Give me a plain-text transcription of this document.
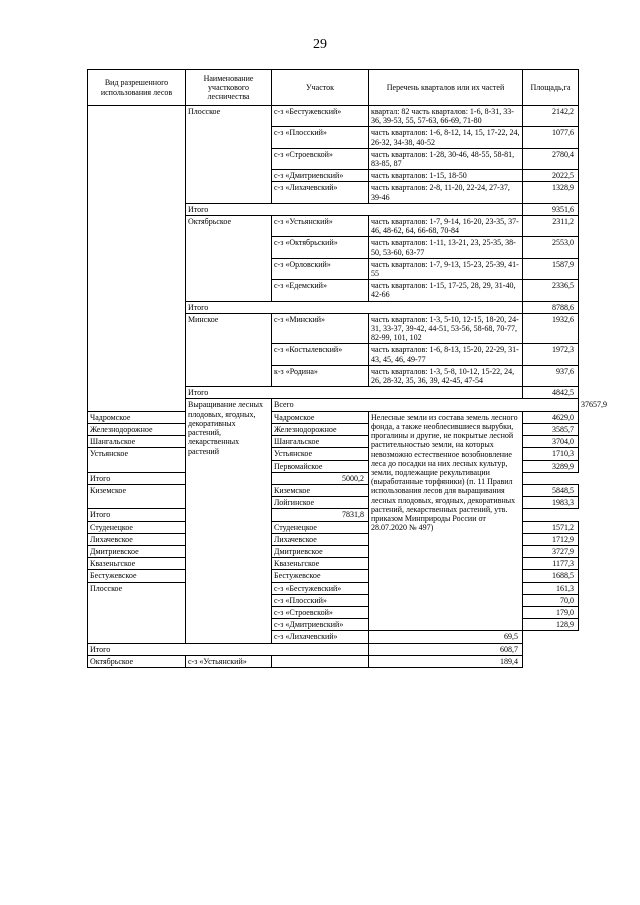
29
Вид разрешенного использования лесов	Наименование участкового лесничества	Участок	Перечень кварталов или их частей	Площадь,га	
	Плосское	с-з «Бестужевский»	квартал: 82 часть кварталов: 1-6, 8-31, 33-36, 39-53, 55, 57-63, 66-69, 71-80	2142,2	
		с-з «Плосский»	часть кварталов: 1-6, 8-12, 14, 15, 17-22, 24, 26-32, 34-38, 40-52	1077,6	
		с-з «Строевской»	часть кварталов: 1-28, 30-46, 48-55, 58-81, 83-85, 87	2780,4	
		с-з «Дмитриевский»	часть кварталов: 1-15, 18-50	2022,5	
		с-з «Лихачевский»	часть кварталов: 2-8, 11-20, 22-24, 27-37, 39-46	1328,9	
	Итого			9351,6	
	Октябрьское	с-з «Устьянский»	часть кварталов: 1-7, 9-14, 16-20, 23-35, 37-46, 48-62, 64, 66-68, 70-84	2311,2	
		с-з «Октябрьский»	часть кварталов: 1-11, 13-21, 23, 25-35, 38-50, 53-60, 63-77	2553,0	
		с-з «Орловский»	часть кварталов: 1-7, 9-13, 15-23, 25-39, 41-55	1587,9	
		с-з «Едемский»	часть кварталов: 1-15, 17-25, 28, 29, 31-40, 42-66	2336,5	
	Итого			8788,6	
	Минское	с-з «Минский»	часть кварталов: 1-3, 5-10, 12-15, 18-20, 24-31, 33-37, 39-42, 44-51, 53-56, 58-68, 70-77, 82-99, 101, 102	1932,6	
		с-з «Костылевский»	часть кварталов: 1-6, 8-13, 15-20, 22-29, 31-43, 45, 46, 49-77	1972,3	
		к-з «Родина»	часть кварталов: 1-3, 5-8, 10-12, 15-22, 24, 26, 28-32, 35, 36, 39, 42-45, 47-54	937,6	
	Итого			4842,5	
	Выращивание лесных плодовых, ягодных, декоративных растений, лекарственных растений	Всего			37657,9
Чадромское		Чадромское	Нелесные земли из состава земель лесного фонда, а также необлесившиеся вырубки, прогалины и другие, не покрытые лесной растительностью земли, на которых невозможно естественное возобновление леса до посадки на них лесных культур, земли, подлежащие рекультивации (выработанные торфяники) (п. 11 Правил использования лесов для выращивания лесных плодовых, ягодных, декоративных растений, лекарственных растений, утв. приказом Минприроды России от 28.07.2020 № 497)	4629,0	
Железнодорожное		Железнодорожное		3585,7	
Шангальское		Шангальское		3704,0	
Устьянское		Устьянское		1710,3	
		Первомайское		3289,9	
Итого		5000,2			
Киземское		Киземское		5848,5	
		Лойгинское		1983,3	
Итого		7831,8			
Студенецкое		Студенецкое		1571,2	
Лихачевское		Лихачевское		1712,9	
Дмитриевское		Дмитриевское		3727,9	
Квазеньгское		Квазеньгское		1177,3	
Бестужевское		Бестужевское		1688,5	
Плосское		с-з «Бестужевский»		161,3	
		с-з «Плосский»		70,0	
		с-з «Строевской»		179,0	
		с-з «Дмитриевский»		128,9	
		с-з «Лихачевский»	69,5		
Итого			608,7		
Октябрьское	с-з «Устьянский»		189,4		
